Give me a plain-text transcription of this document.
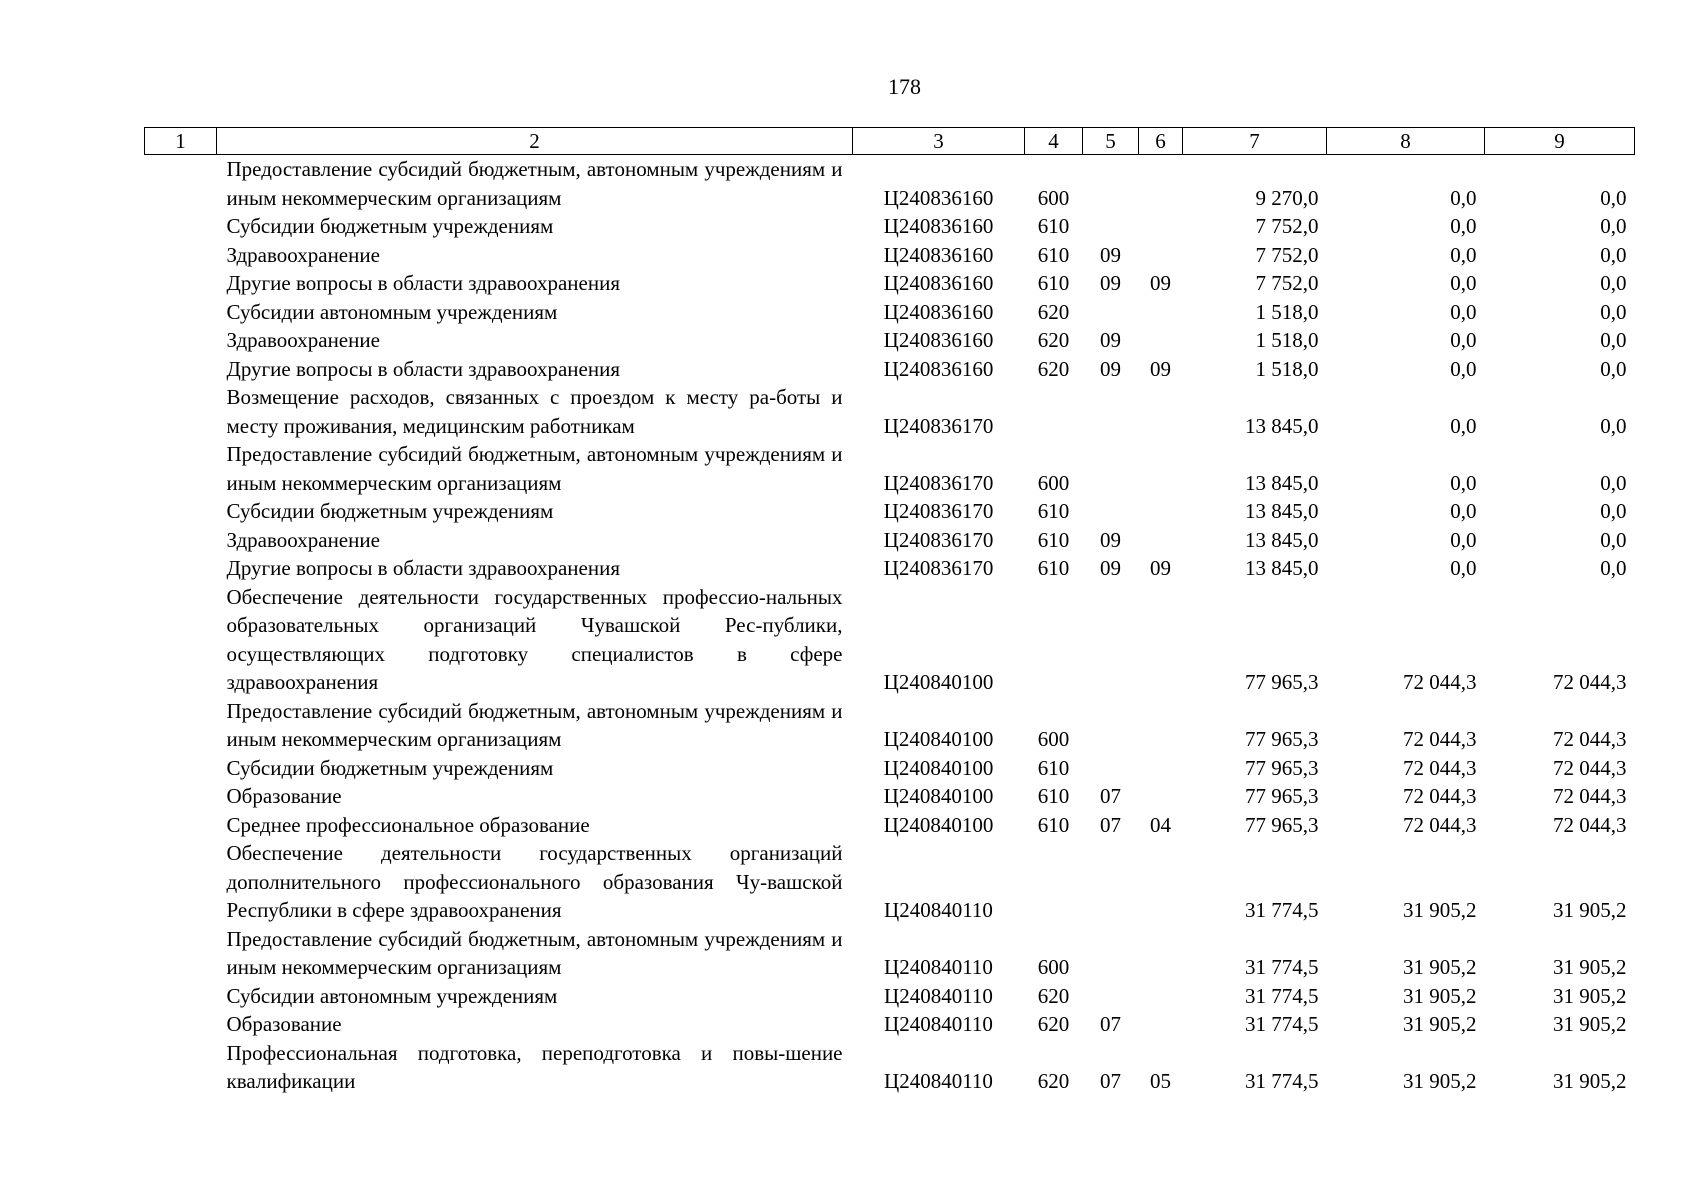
178
1	2	3	4	5	6	7	8	9
	Предоставление субсидий бюджетным, автономным учреждениям и иным некоммерческим организациям	Ц240836160	600			9 270,0	0,0	0,0
	Субсидии бюджетным учреждениям	Ц240836160	610			7 752,0	0,0	0,0
	Здравоохранение	Ц240836160	610	09		7 752,0	0,0	0,0
	Другие вопросы в области здравоохранения	Ц240836160	610	09	09	7 752,0	0,0	0,0
	Субсидии автономным учреждениям	Ц240836160	620			1 518,0	0,0	0,0
	Здравоохранение	Ц240836160	620	09		1 518,0	0,0	0,0
	Другие вопросы в области здравоохранения	Ц240836160	620	09	09	1 518,0	0,0	0,0
	Возмещение расходов, связанных с проездом к месту ра-боты и месту проживания, медицинским работникам	Ц240836170				13 845,0	0,0	0,0
	Предоставление субсидий бюджетным, автономным учреждениям и иным некоммерческим организациям	Ц240836170	600			13 845,0	0,0	0,0
	Субсидии бюджетным учреждениям	Ц240836170	610			13 845,0	0,0	0,0
	Здравоохранение	Ц240836170	610	09		13 845,0	0,0	0,0
	Другие вопросы в области здравоохранения	Ц240836170	610	09	09	13 845,0	0,0	0,0
	Обеспечение деятельности государственных профессио-нальных образовательных организаций Чувашской Рес-публики, осуществляющих подготовку специалистов в сфере здравоохранения	Ц240840100				77 965,3	72 044,3	72 044,3
	Предоставление субсидий бюджетным, автономным учреждениям и иным некоммерческим организациям	Ц240840100	600			77 965,3	72 044,3	72 044,3
	Субсидии бюджетным учреждениям	Ц240840100	610			77 965,3	72 044,3	72 044,3
	Образование	Ц240840100	610	07		77 965,3	72 044,3	72 044,3
	Среднее профессиональное образование	Ц240840100	610	07	04	77 965,3	72 044,3	72 044,3
	Обеспечение деятельности государственных организаций дополнительного профессионального образования Чу-вашской Республики в сфере здравоохранения	Ц240840110				31 774,5	31 905,2	31 905,2
	Предоставление субсидий бюджетным, автономным учреждениям и иным некоммерческим организациям	Ц240840110	600			31 774,5	31 905,2	31 905,2
	Субсидии автономным учреждениям	Ц240840110	620			31 774,5	31 905,2	31 905,2
	Образование	Ц240840110	620	07		31 774,5	31 905,2	31 905,2
	Профессиональная подготовка, переподготовка и повы-шение квалификации	Ц240840110	620	07	05	31 774,5	31 905,2	31 905,2
